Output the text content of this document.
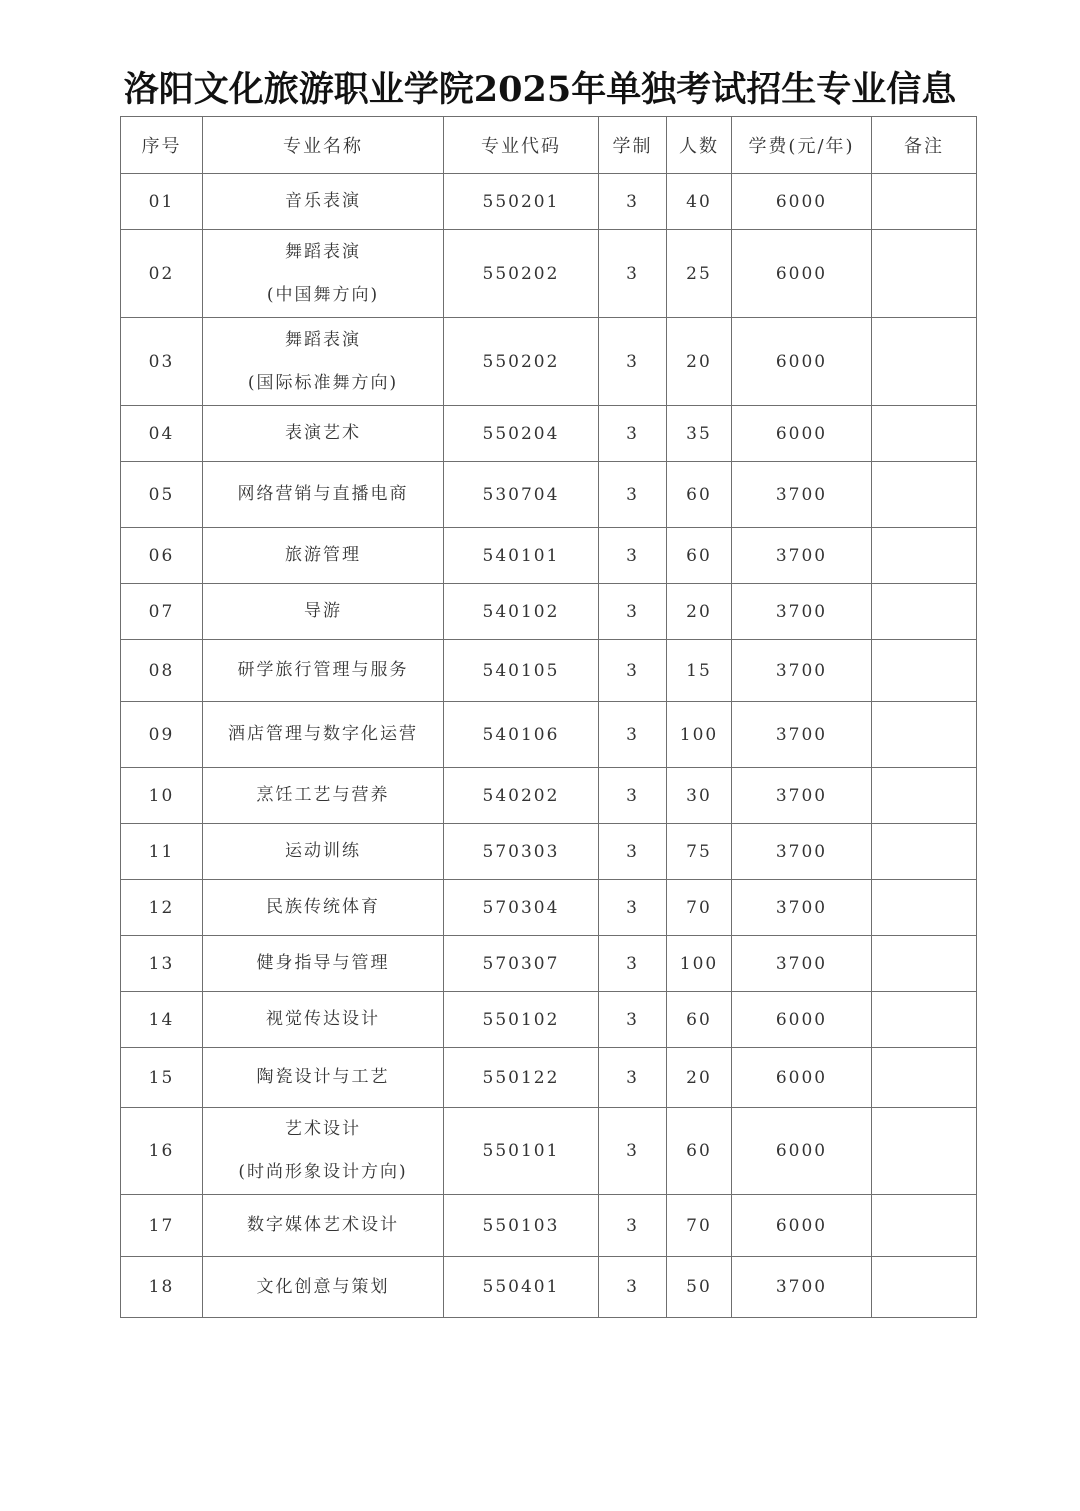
洛阳文化旅游职业学院2025年单独考试招生专业信息
序号	专业名称	专业代码	学制	人数	学费(元/年)	备注
01	音乐表演	550201	3	40	6000	
02	舞蹈表演
(中国舞方向)	550202	3	25	6000	
03	舞蹈表演
(国际标准舞方向)	550202	3	20	6000	
04	表演艺术	550204	3	35	6000	
05	网络营销与直播电商	530704	3	60	3700	
06	旅游管理	540101	3	60	3700	
07	导游	540102	3	20	3700	
08	研学旅行管理与服务	540105	3	15	3700	
09	酒店管理与数字化运营	540106	3	100	3700	
10	烹饪工艺与营养	540202	3	30	3700	
11	运动训练	570303	3	75	3700	
12	民族传统体育	570304	3	70	3700	
13	健身指导与管理	570307	3	100	3700	
14	视觉传达设计	550102	3	60	6000	
15	陶瓷设计与工艺	550122	3	20	6000	
16	艺术设计
(时尚形象设计方向)	550101	3	60	6000	
17	数字媒体艺术设计	550103	3	70	6000	
18	文化创意与策划	550401	3	50	3700	
